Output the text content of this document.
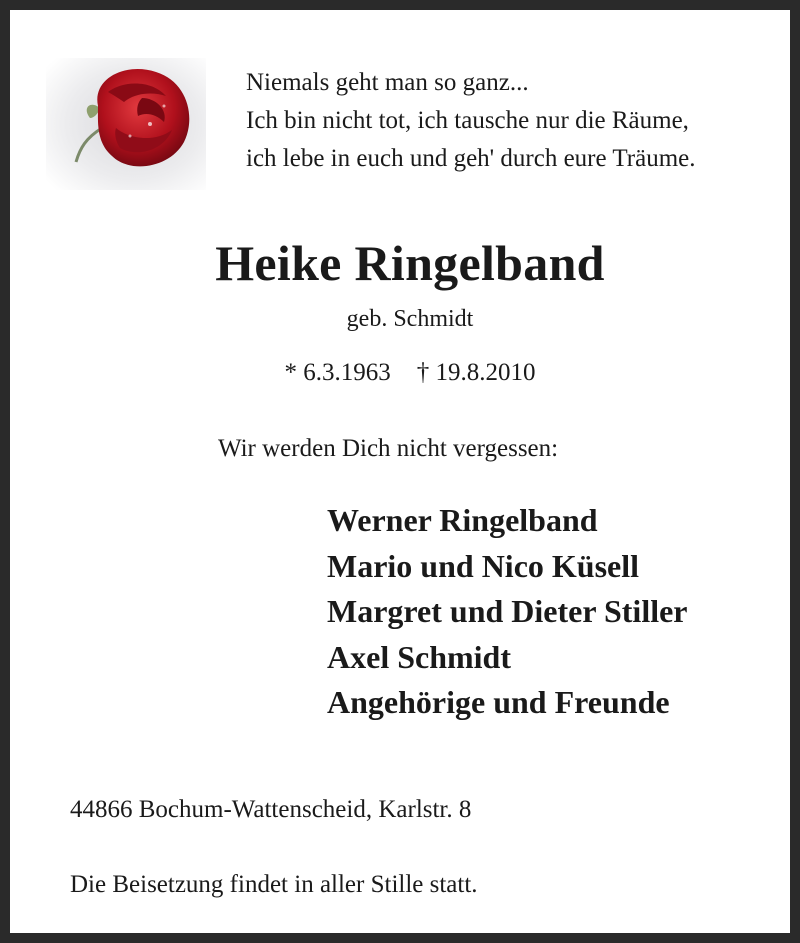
Niemals geht man so ganz...
Ich bin nicht tot, ich tausche nur die Räume,
ich lebe in euch und geh' durch eure Träume.
Heike Ringelband
geb. Schmidt
* 6.3.1963 † 19.8.2010
Wir werden Dich nicht vergessen:
Werner Ringelband
Mario und Nico Küsell
Margret und Dieter Stiller
Axel Schmidt
Angehörige und Freunde
44866 Bochum-Wattenscheid, Karlstr. 8
Die Beisetzung findet in aller Stille statt.
